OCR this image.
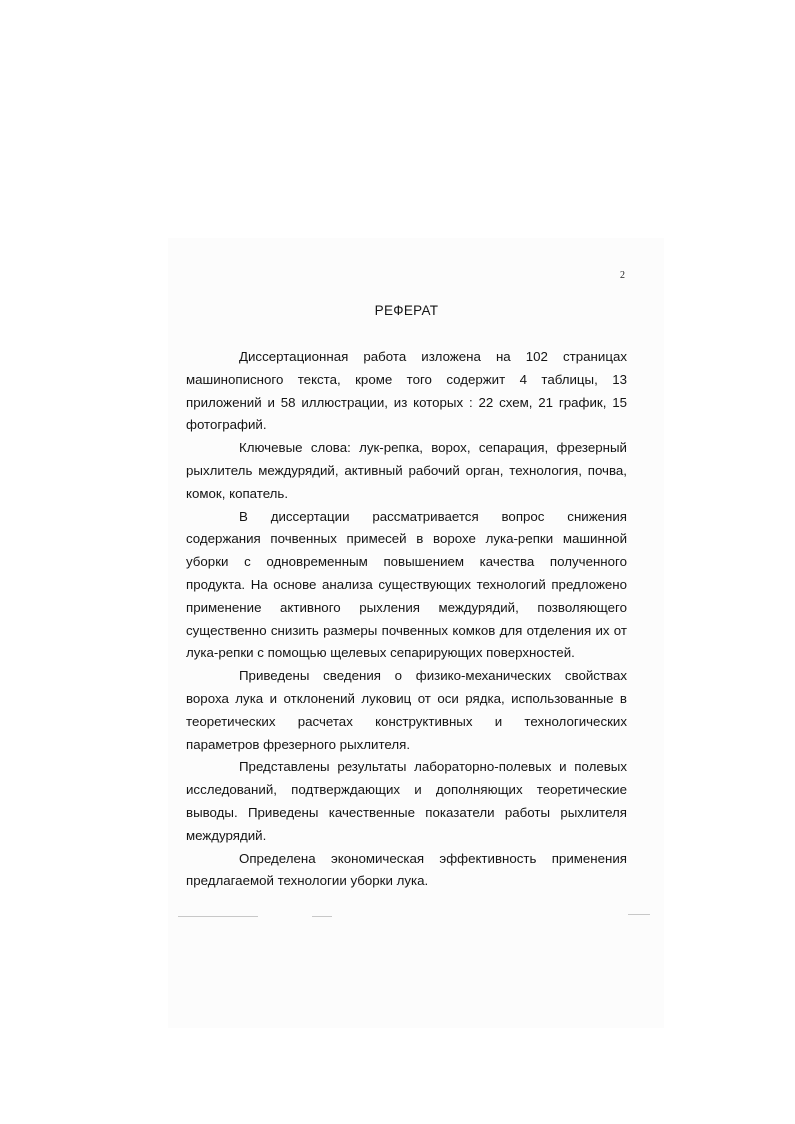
2
РЕФЕРАТ

Диссертационная работа изложена на 102 страницах машинописного текста, кроме того содержит 4 таблицы, 13 приложений и 58 иллюстрации, из которых : 22 схем, 21 график, 15 фотографий.

Ключевые слова: лук-репка, ворох, сепарация, фрезерный рыхлитель междурядий, активный рабочий орган, технология, почва, комок, копатель.

В диссертации рассматривается вопрос снижения содержания почвенных примесей в ворохе лука-репки машинной уборки с одновременным повышением качества полученного продукта. На основе анализа существующих технологий предложено применение активного рыхления междурядий, позволяющего существенно снизить размеры почвенных комков для отделения их от лука-репки с помощью щелевых сепарирующих поверхностей.

Приведены сведения о физико-механических свойствах вороха лука и отклонений луковиц от оси рядка, использованные в теоретических расчетах конструктивных и технологических параметров фрезерного рыхлителя.

Представлены результаты лабораторно-полевых и полевых исследований, подтверждающих и дополняющих теоретические выводы. Приведены качественные показатели работы рыхлителя междурядий.

Определена экономическая эффективность применения предлагаемой технологии уборки лука.
